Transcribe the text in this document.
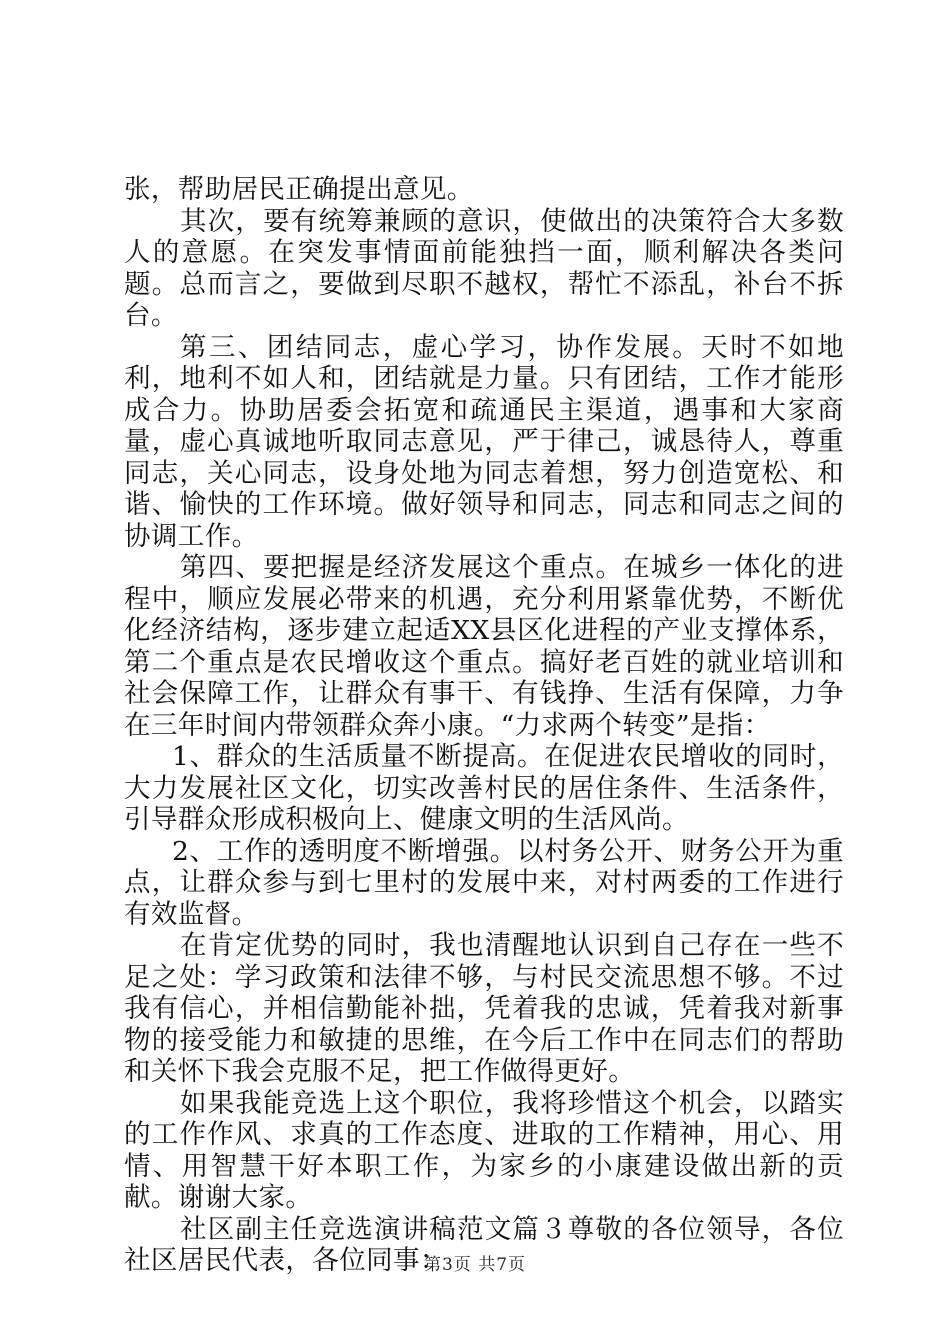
张，帮助居民正确提出意见。

其次，要有统筹兼顾的意识，使做出的决策符合大多数人的意愿。在突发事情面前能独挡一面，顺利解决各类问题。总而言之，要做到尽职不越权，帮忙不添乱，补台不拆台。

第三、团结同志，虚心学习，协作发展。天时不如地利，地利不如人和，团结就是力量。只有团结，工作才能形成合力。协助居委会拓宽和疏通民主渠道，遇事和大家商量，虚心真诚地听取同志意见，严于律己，诚恳待人，尊重同志，关心同志，设身处地为同志着想，努力创造宽松、和谐、愉快的工作环境。做好领导和同志，同志和同志之间的协调工作。

第四、要把握是经济发展这个重点。在城乡一体化的进程中，顺应发展必带来的机遇，充分利用紧靠优势，不断优化经济结构，逐步建立起适XX县区化进程的产业支撑体系，第二个重点是农民增收这个重点。搞好老百姓的就业培训和社会保障工作，让群众有事干、有钱挣、生活有保障，力争在三年时间内带领群众奔小康。“力求两个转变”是指：

1、群众的生活质量不断提高。在促进农民增收的同时，大力发展社区文化，切实改善村民的居住条件、生活条件，引导群众形成积极向上、健康文明的生活风尚。

2、工作的透明度不断增强。以村务公开、财务公开为重点，让群众参与到七里村的发展中来，对村两委的工作进行有效监督。

在肯定优势的同时，我也清醒地认识到自己存在一些不足之处：学习政策和法律不够，与村民交流思想不够。不过我有信心，并相信勤能补拙，凭着我的忠诚，凭着我对新事物的接受能力和敏捷的思维，在今后工作中在同志们的帮助和关怀下我会克服不足，把工作做得更好。

如果我能竞选上这个职位，我将珍惜这个机会，以踏实的工作作风、求真的工作态度、进取的工作精神，用心、用情、用智慧干好本职工作，为家乡的小康建设做出新的贡献。谢谢大家。

社区副主任竞选演讲稿范文篇３尊敬的各位领导，各位社区居民代表，各位同事：

第3页 共7页
